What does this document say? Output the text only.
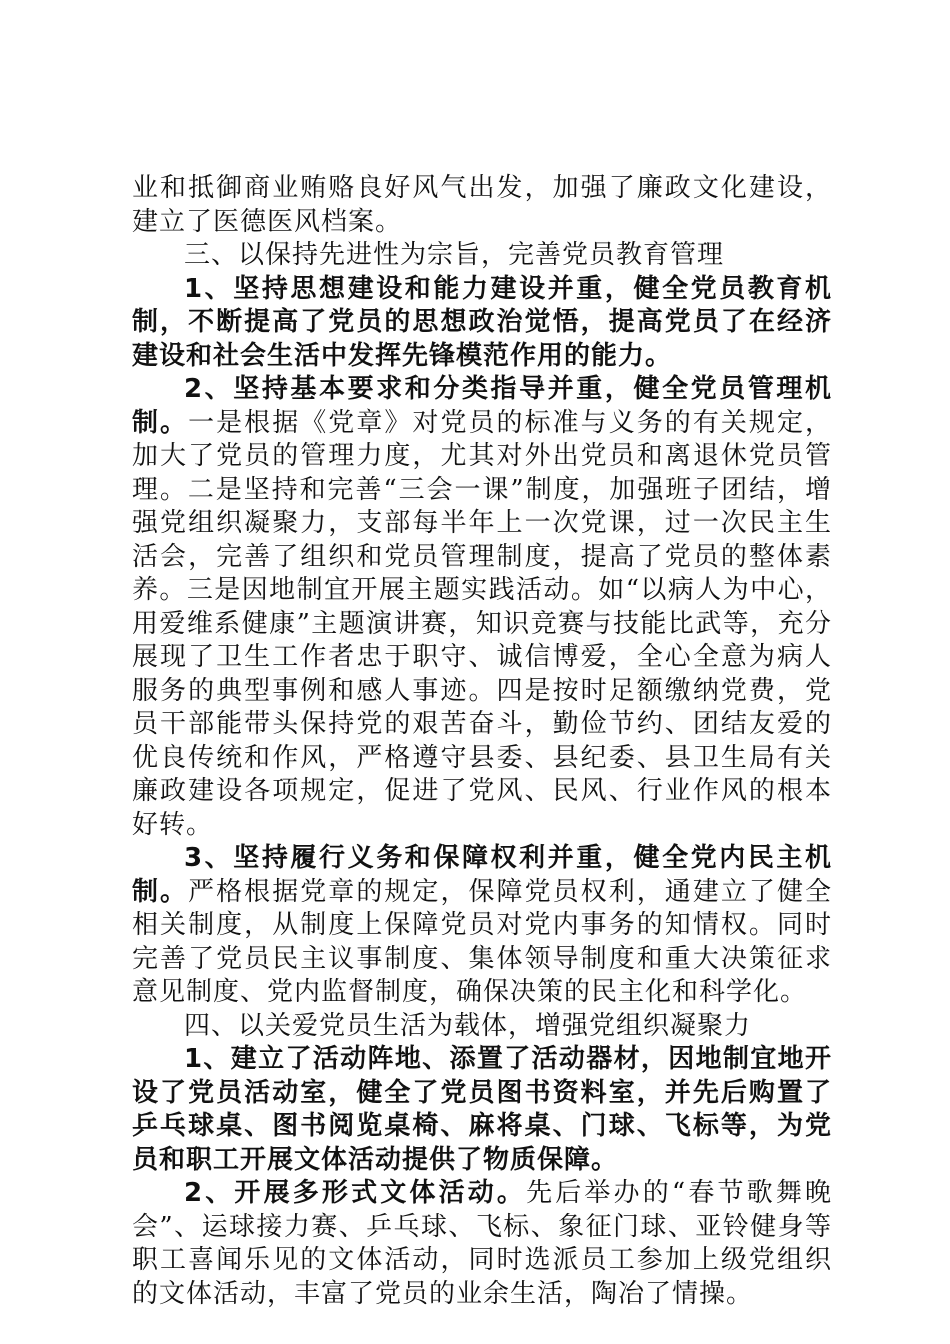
业和抵御商业贿赂良好风气出发，加强了廉政文化建设，建立了医德医风档案。

三、以保持先进性为宗旨，完善党员教育管理

1、坚持思想建设和能力建设并重，健全党员教育机制，不断提高了党员的思想政治觉悟，提高党员了在经济建设和社会生活中发挥先锋模范作用的能力。

2、坚持基本要求和分类指导并重，健全党员管理机制。一是根据《党章》对党员的标准与义务的有关规定，加大了党员的管理力度，尤其对外出党员和离退休党员管理。二是坚持和完善“三会一课”制度，加强班子团结，增强党组织凝聚力，支部每半年上一次党课，过一次民主生活会，完善了组织和党员管理制度，提高了党员的整体素养。三是因地制宜开展主题实践活动。如“以病人为中心，用爱维系健康”主题演讲赛，知识竞赛与技能比武等，充分展现了卫生工作者忠于职守、诚信博爱，全心全意为病人服务的典型事例和感人事迹。四是按时足额缴纳党费，党员干部能带头保持党的艰苦奋斗，勤俭节约、团结友爱的优良传统和作风，严格遵守县委、县纪委、县卫生局有关廉政建设各项规定，促进了党风、民风、行业作风的根本好转。

3、坚持履行义务和保障权利并重，健全党内民主机制。严格根据党章的规定，保障党员权利，通建立了健全相关制度，从制度上保障党员对党内事务的知情权。同时完善了党员民主议事制度、集体领导制度和重大决策征求意见制度、党内监督制度，确保决策的民主化和科学化。

四、以关爱党员生活为载体，增强党组织凝聚力

1、建立了活动阵地、添置了活动器材，因地制宜地开设了党员活动室，健全了党员图书资料室，并先后购置了乒乓球桌、图书阅览桌椅、麻将桌、门球、飞标等，为党员和职工开展文体活动提供了物质保障。

2、开展多形式文体活动。先后举办的“春节歌舞晚会”、运球接力赛、乒乓球、飞标、象征门球、亚铃健身等职工喜闻乐见的文体活动，同时选派员工参加上级党组织的文体活动，丰富了党员的业余生活，陶冶了情操。
